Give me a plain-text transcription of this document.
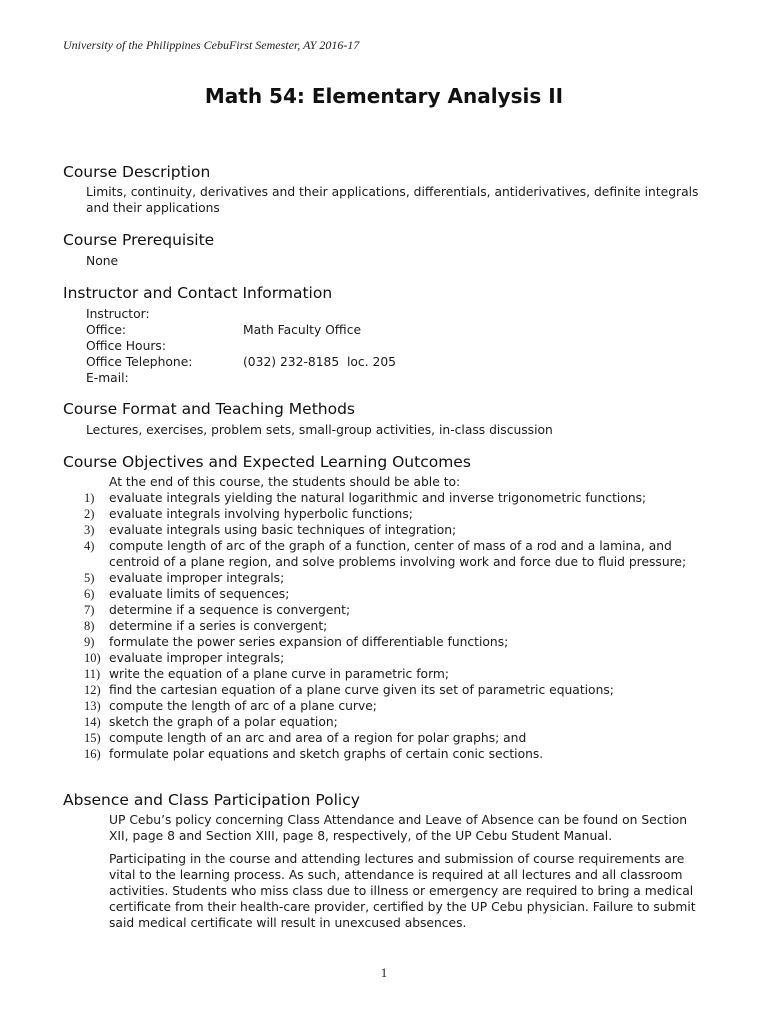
University of the Philippines CebuFirst Semester, AY 2016-17
Math 54: Elementary Analysis II
Course Description
Limits, continuity, derivatives and their applications, differentials, antiderivatives, definite integrals and their applications
Course Prerequisite
None
Instructor and Contact Information
Instructor:
Office:	Math Faculty Office
Office Hours:
Office Telephone:	(032) 232-8185  loc. 205
E-mail:
Course Format and Teaching Methods
Lectures, exercises, problem sets, small-group activities, in-class discussion
Course Objectives and Expected Learning Outcomes
At the end of this course, the students should be able to:
1) evaluate integrals yielding the natural logarithmic and inverse trigonometric functions;
2) evaluate integrals involving hyperbolic functions;
3) evaluate integrals using basic techniques of integration;
4) compute length of arc of the graph of a function, center of mass of a rod and a lamina, and centroid of a plane region, and solve problems involving work and force due to fluid pressure;
5) evaluate improper integrals;
6) evaluate limits of sequences;
7) determine if a sequence is convergent;
8) determine if a series is convergent;
9) formulate the power series expansion of differentiable functions;
10) evaluate improper integrals;
11) write the equation of a plane curve in parametric form;
12) find the cartesian equation of a plane curve given its set of parametric equations;
13) compute the length of arc of a plane curve;
14) sketch the graph of a polar equation;
15) compute length of an arc and area of a region for polar graphs; and
16) formulate polar equations and sketch graphs of certain conic sections.
Absence and Class Participation Policy
UP Cebu’s policy concerning Class Attendance and Leave of Absence can be found on Section XII, page 8 and Section XIII, page 8, respectively, of the UP Cebu Student Manual.
Participating in the course and attending lectures and submission of course requirements are vital to the learning process. As such, attendance is required at all lectures and all classroom activities. Students who miss class due to illness or emergency are required to bring a medical certificate from their health-care provider, certified by the UP Cebu physician. Failure to submit said medical certificate will result in unexcused absences.
1
